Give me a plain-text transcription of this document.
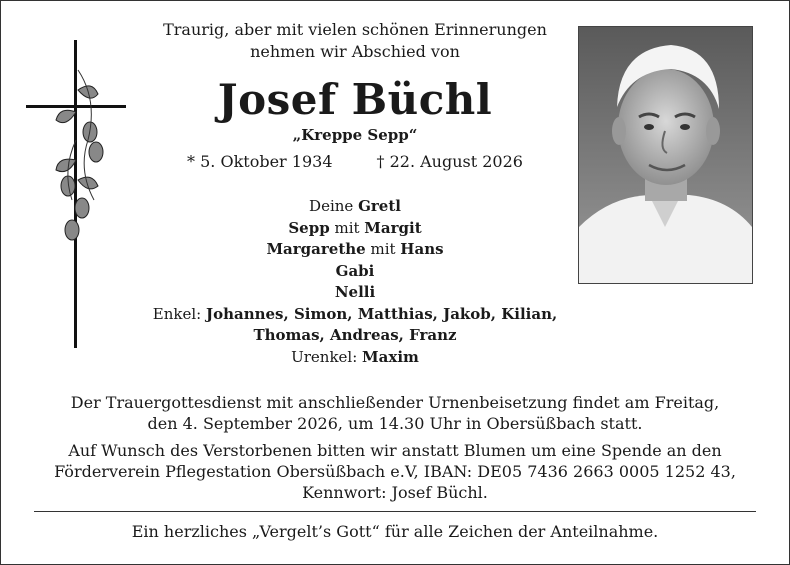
Traurig, aber mit vielen schönen Erinnerungen
nehmen wir Abschied von
Josef Büchl
„Kreppe Sepp“
* 5. Oktober 1934	† 22. August 2026
Deine Gretl
Sepp mit Margit
Margarethe mit Hans
Gabi
Nelli
Enkel: Johannes, Simon, Matthias, Jakob, Kilian,
Thomas, Andreas, Franz
Urenkel: Maxim
Der Trauergottesdienst mit anschließender Urnenbeisetzung findet am Freitag,
den 4. September 2026, um 14.30 Uhr in Obersüßbach statt.
Auf Wunsch des Verstorbenen bitten wir anstatt Blumen um eine Spende an den
Förderverein Pflegestation Obersüßbach e.V, IBAN: DE05 7436 2663 0005 1252 43,
Kennwort: Josef Büchl.
Ein herzliches „Vergelt’s Gott“ für alle Zeichen der Anteilnahme.
